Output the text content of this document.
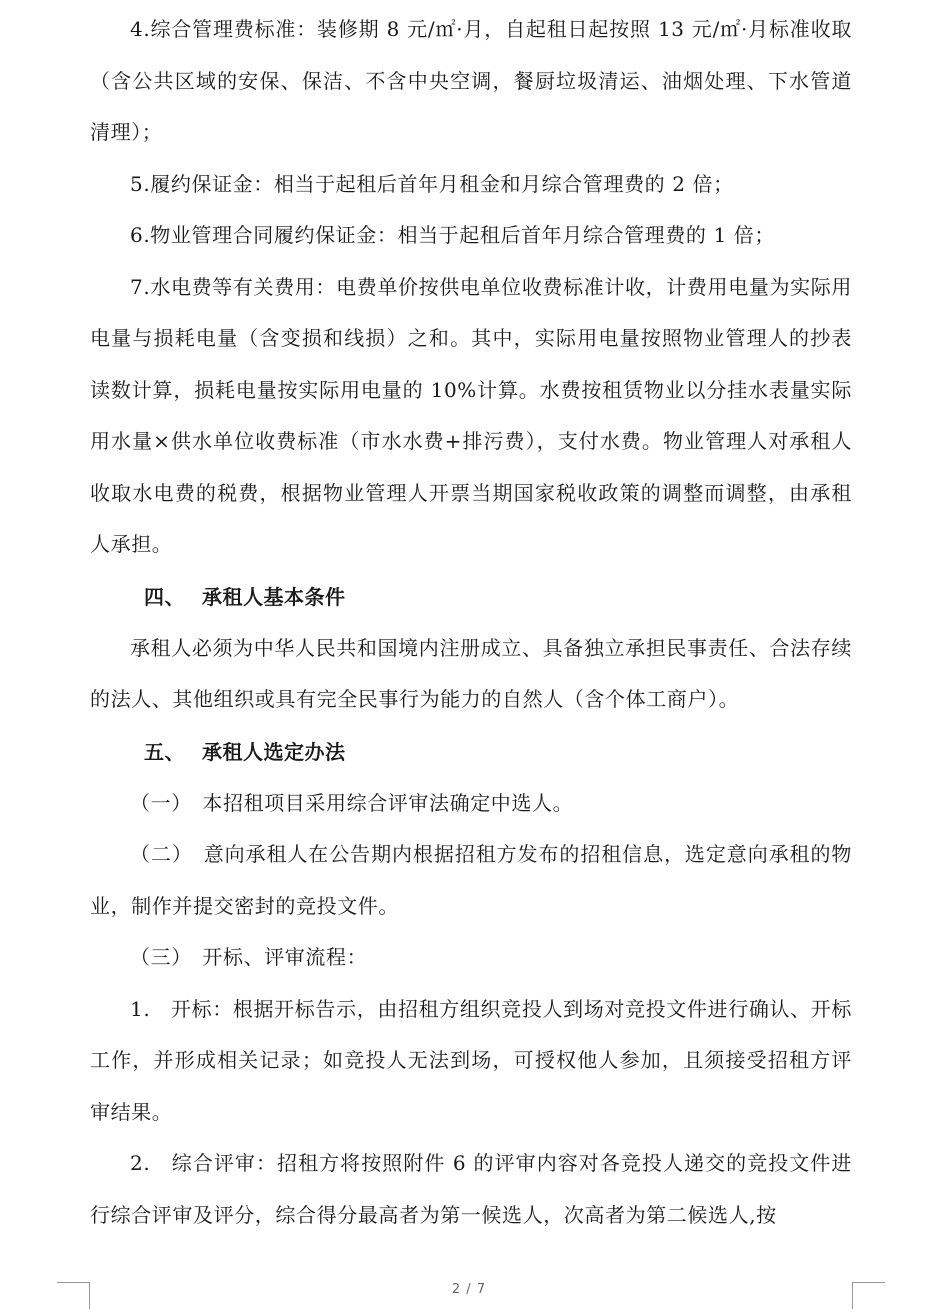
4.综合管理费标准：装修期 8 元/㎡·月，自起租日起按照 13 元/㎡·月标准收取（含公共区域的安保、保洁、不含中央空调，餐厨垃圾清运、油烟处理、下水管道清理）；

5.履约保证金：相当于起租后首年月租金和月综合管理费的 2 倍；

6.物业管理合同履约保证金：相当于起租后首年月综合管理费的 1 倍；

7.水电费等有关费用：电费单价按供电单位收费标准计收，计费用电量为实际用电量与损耗电量（含变损和线损）之和。其中，实际用电量按照物业管理人的抄表读数计算，损耗电量按实际用电量的 10%计算。水费按租赁物业以分挂水表量实际用水量×供水单位收费标准（市水水费+排污费），支付水费。物业管理人对承租人收取水电费的税费，根据物业管理人开票当期国家税收政策的调整而调整，由承租人承担。

四、 承租人基本条件

承租人必须为中华人民共和国境内注册成立、具备独立承担民事责任、合法存续的法人、其他组织或具有完全民事行为能力的自然人（含个体工商户）。

五、 承租人选定办法

（一）　本招租项目采用综合评审法确定中选人。

（二）　意向承租人在公告期内根据招租方发布的招租信息，选定意向承租的物业，制作并提交密封的竞投文件。

（三）　开标、评审流程：

1.　开标：根据开标告示，由招租方组织竞投人到场对竞投文件进行确认、开标工作，并形成相关记录；如竞投人无法到场，可授权他人参加，且须接受招租方评审结果。

2.　综合评审：招租方将按照附件 6 的评审内容对各竞投人递交的竞投文件进行综合评审及评分，综合得分最高者为第一候选人，次高者为第二候选人,按

2 / 7
